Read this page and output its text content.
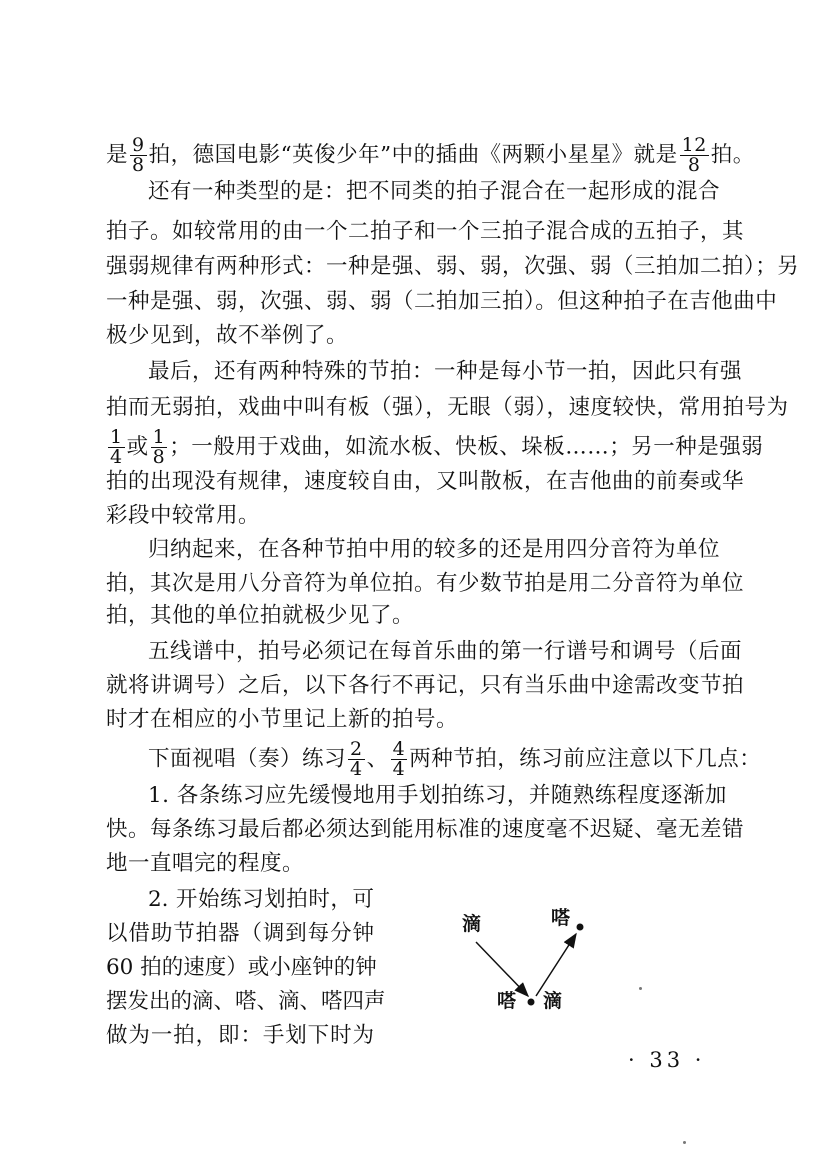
是 $\frac{9}{8}$ 拍，德国电影“英俊少年”中的插曲《两颗小星星》就是 $\frac{12}{8}$ 拍。
还有一种类型的是：把不同类的拍子混合在一起形成的混合
拍子。如较常用的由一个二拍子和一个三拍子混合成的五拍子，其
强弱规律有两种形式：一种是强、弱、弱，次强、弱（三拍加二拍）；另
一种是强、弱，次强、弱、弱（二拍加三拍）。但这种拍子在吉他曲中
极少见到，故不举例了。
最后，还有两种特殊的节拍：一种是每小节一拍，因此只有强
拍而无弱拍，戏曲中叫有板（强），无眼（弱），速度较快，常用拍号为
$\frac{1}{4}$ 或 $\frac{1}{8}$ ；一般用于戏曲，如流水板、快板、垛板……；另一种是强弱
拍的出现没有规律，速度较自由，又叫散板，在吉他曲的前奏或华
彩段中较常用。
归纳起来，在各种节拍中用的较多的还是用四分音符为单位
拍，其次是用八分音符为单位拍。有少数节拍是用二分音符为单位
拍，其他的单位拍就极少见了。
五线谱中，拍号必须记在每首乐曲的第一行谱号和调号（后面
就将讲调号）之后，以下各行不再记，只有当乐曲中途需改变节拍
时才在相应的小节里记上新的拍号。
下面视唱（奏）练习 $\frac{2}{4}$ 、 $\frac{4}{4}$ 两种节拍，练习前应注意以下几点：
1. 各条练习应先缓慢地用手划拍练习，并随熟练程度逐渐加
快。每条练习最后都必须达到能用标准的速度毫不迟疑、毫无差错
地一直唱完的程度。
2. 开始练习划拍时，可
以借助节拍器（调到每分钟
60 拍的速度）或小座钟的钟
摆发出的滴、嗒、滴、嗒四声
做为一拍，即：手划下时为
滴	嗒
嗒 滴
· 33 ·
